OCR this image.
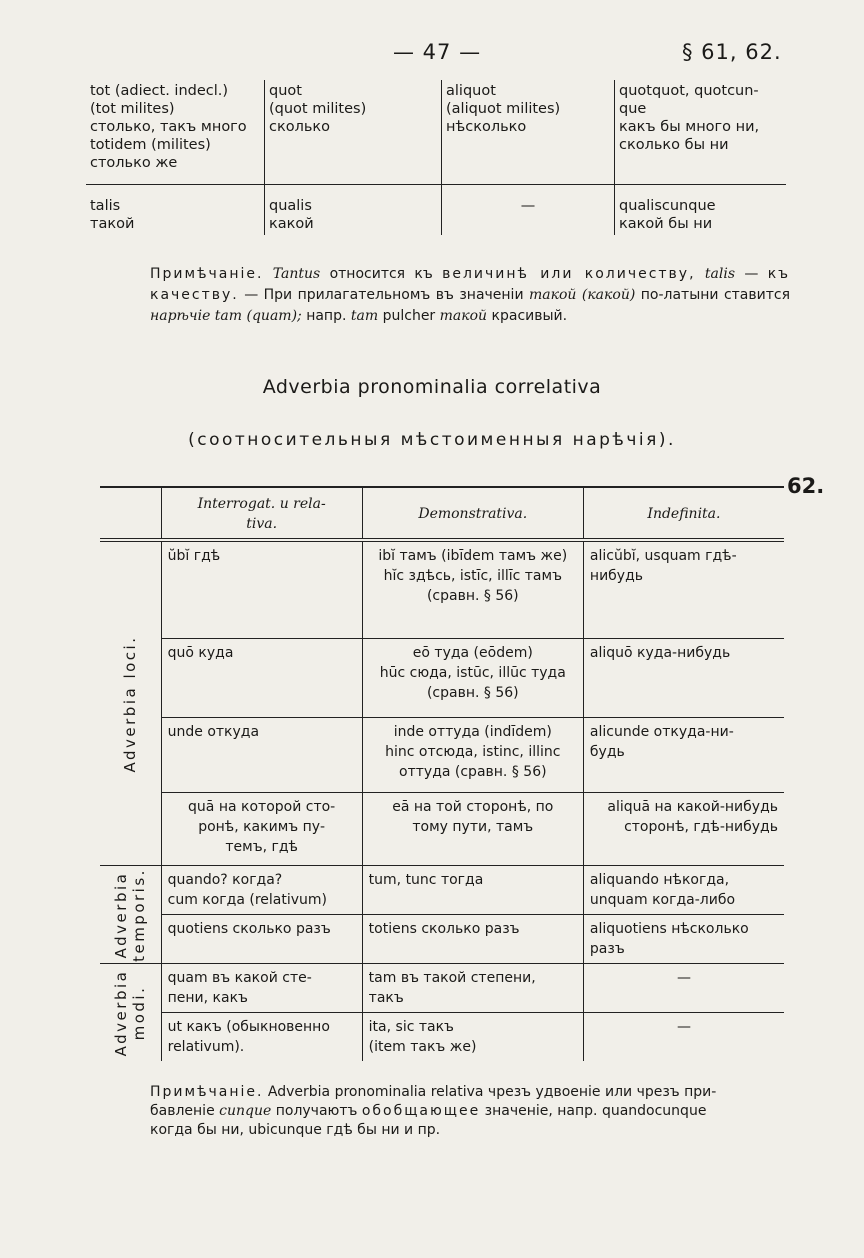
— 47 —	§ 61, 62.
tot (adiect. indecl.)
(tot milites)
столько, такъ много
totidem (milites)
столько же	quot
(quot milites)
сколько	aliquot
(aliquot milites)
нѣсколько	quotquot, quotcun-
que
какъ бы много ни,
сколько бы ни

talis
такой	qualis
какой	—	qualiscunque
какой бы ни
Примѣчаніе. Tantus относится къ величинѣ или количеству, talis — къ качеству. — При прилагательномъ въ значеніи такой (какой) по-латыни ставится нарѣчіе tam (quam); напр. tam pulcher такой красивый.
Adverbia pronominalia correlativa
(соотносительныя мѣстоименныя нарѣчія).
62.
	Interrogat. и rela-
tiva.	Demonstrativa.	Indefinita.

Adverbia loci.	ŭbĭ гдѣ	ibĭ тамъ (ibīdem тамъ же)
hĭc здѣсь, istīc, illīc тамъ
(сравн. § 56)	alicŭbĭ, usquam гдѣ-
нибудь
	quō куда	eō туда (eōdem)
hūc сюда, istūc, illūc туда
(сравн. § 56)	aliquō куда-нибудь
	unde откуда	inde оттуда (indīdem)
hinc отсюда, istinc, illinc
оттуда (сравн. § 56)	alicunde откуда-ни-
будь
	quā на которой сто-
ронѣ, какимъ пу-
темъ, гдѣ	eā на той сторонѣ, по
тому пути, тамъ	aliquā на какой-нибудь
сторонѣ, гдѣ-нибудь

Adverbia
temporis.	quando? когда?
cum когда (relativum)	tum, tunc тогда	aliquando нѣкогда,
unquam когда-либо
	quotiens сколько разъ	totiens сколько разъ	aliquotiens нѣсколько
разъ

Adverbia
modi.	quam въ какой сте-
пени, какъ	tam въ такой степени,
такъ	—
	ut какъ (обыкновенно
relativum).	ita, sic такъ
(item такъ же)	—
Примѣчаніе. Adverbia pronominalia relativa чрезъ удвоеніе или чрезъ при-
бавленіе cunque получаютъ обобщающее значеніе, напр. quandocunque
когда бы ни, ubicunque гдѣ бы ни и пр.
